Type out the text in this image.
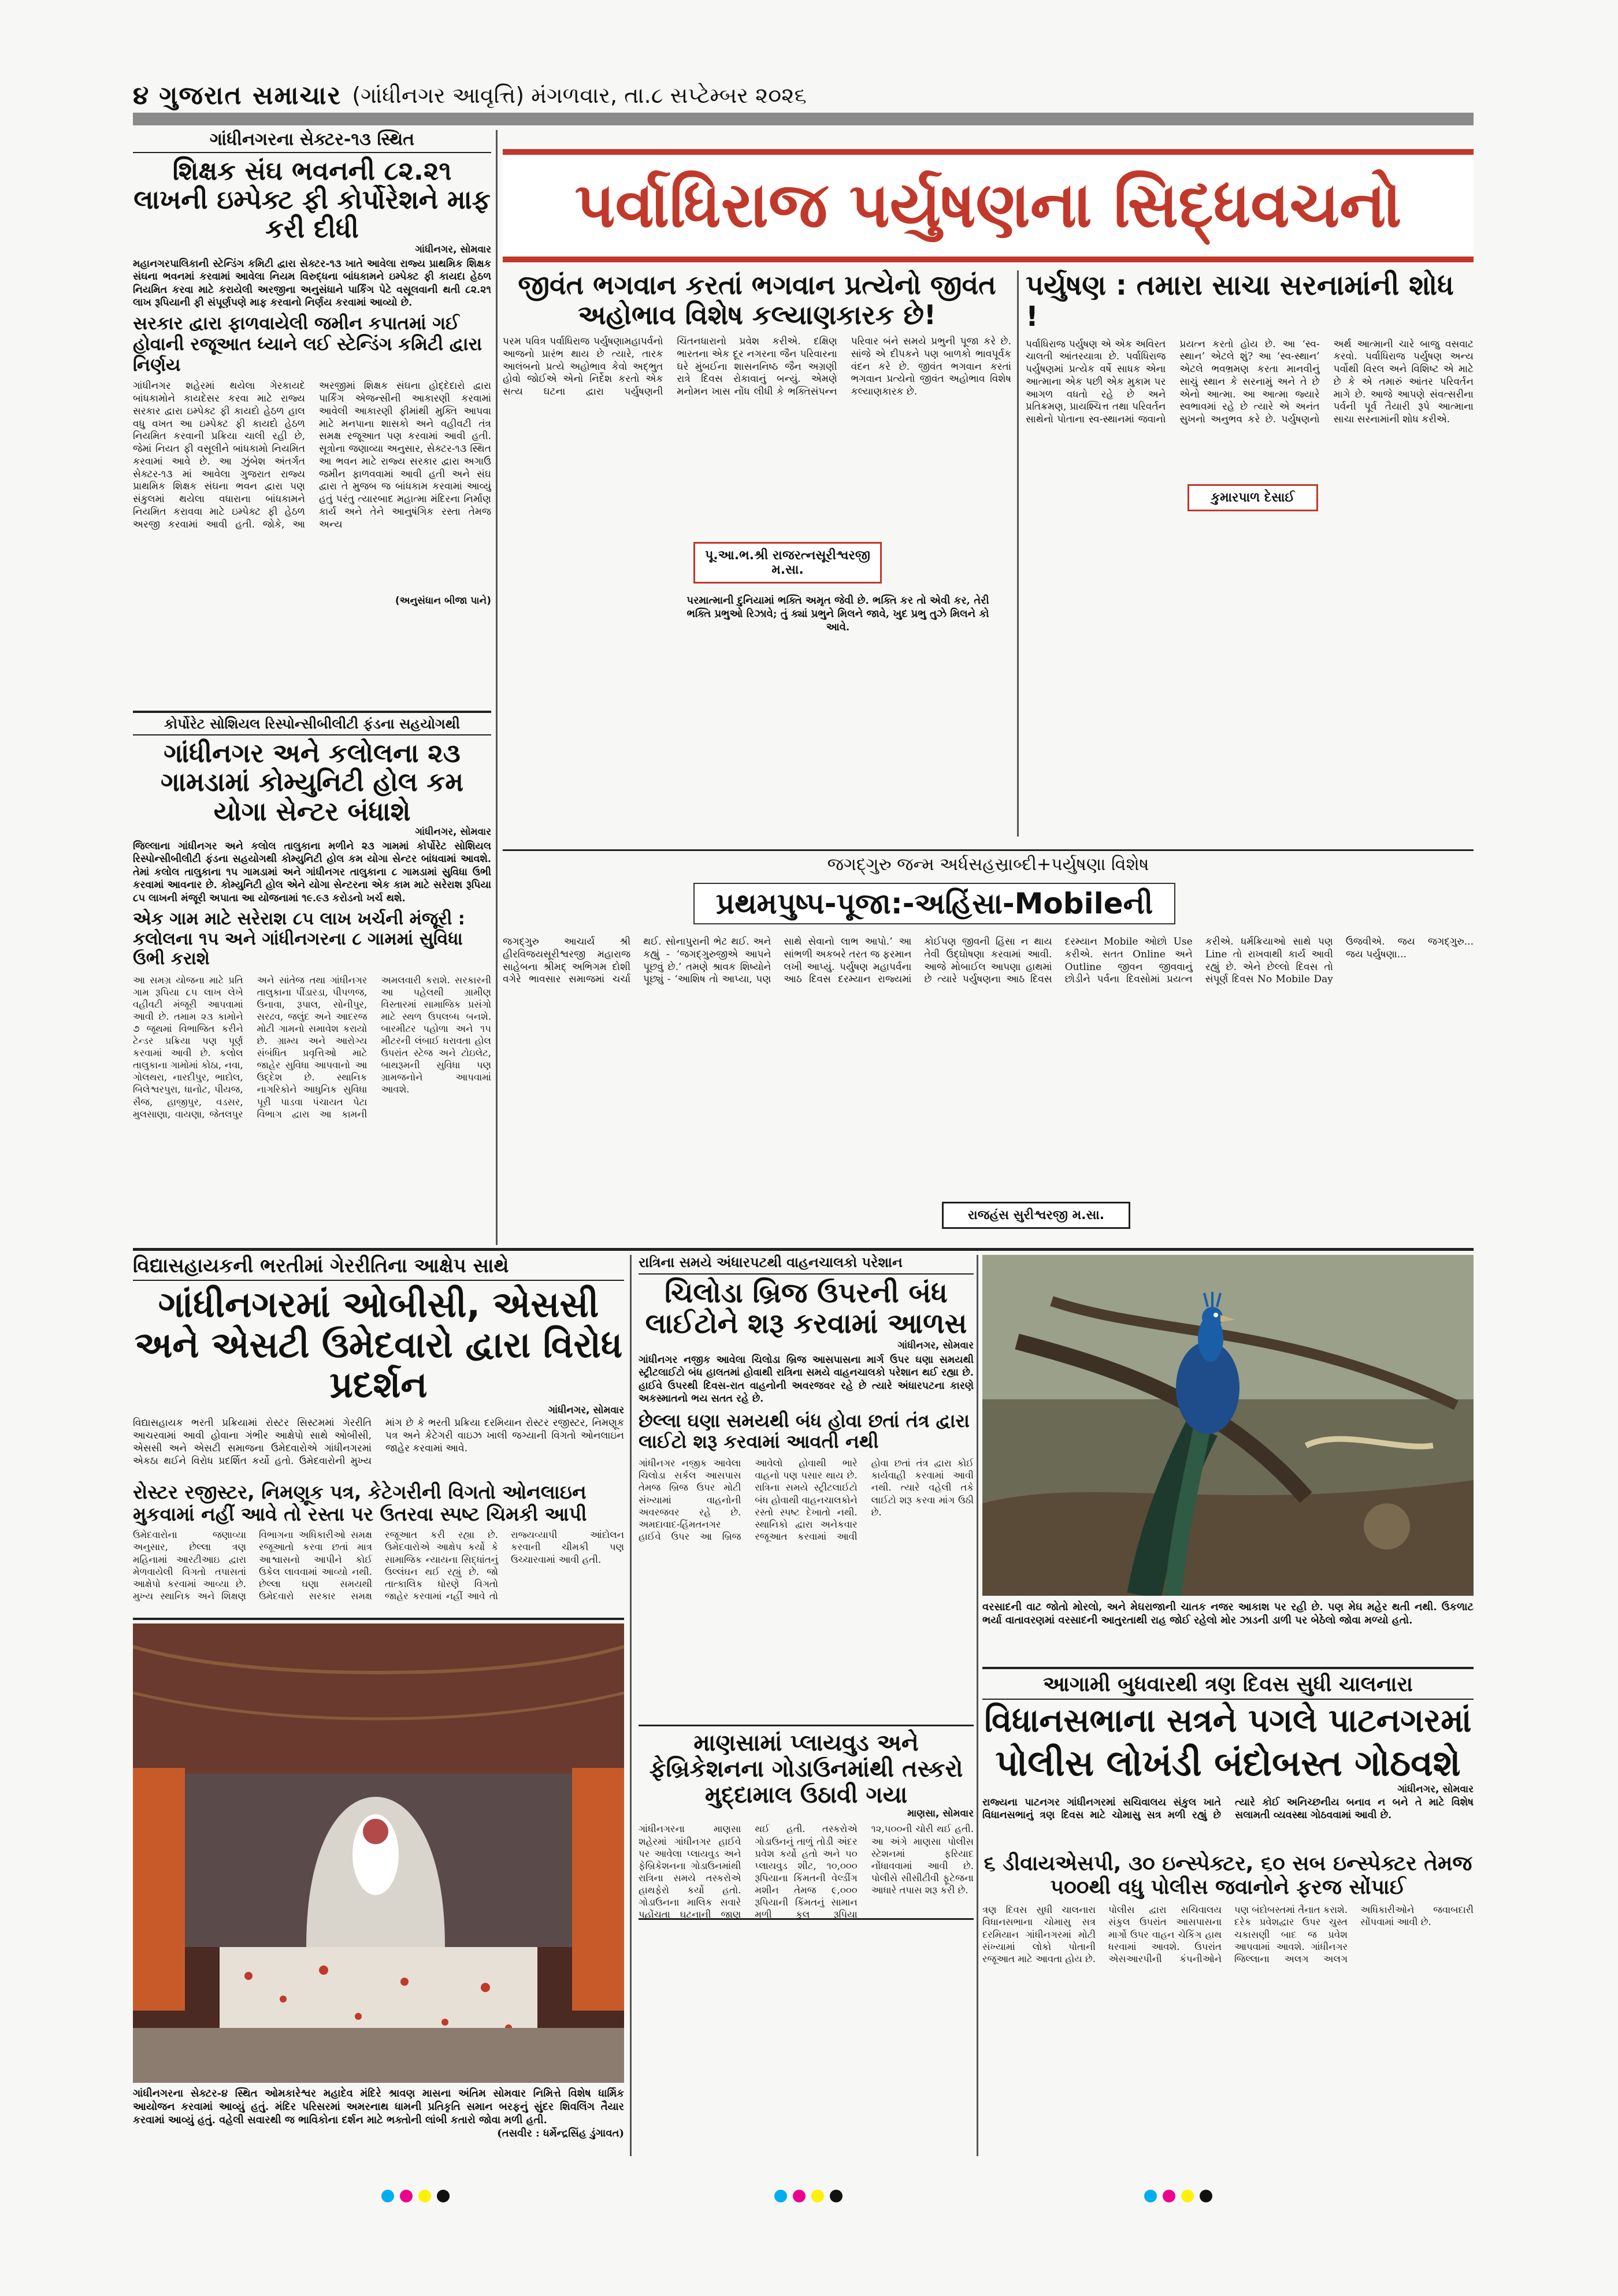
૪ ગુજરાત સમાચાર (ગાંધીનગર આવૃત્તિ) મંગળવાર, તા.૮ સપ્ટેમ્બર ૨૦૨૬
ગાંધીનગરના સેક્ટર-૧૩ સ્થિત
શિક્ષક સંઘ ભવનની ૮૨.૨૧ લાખની ઇમ્પેક્ટ ફી કોર્પોરેશને માફ કરી દીધી
ગાંધીનગર, સોમવાર
મહાનગરપાલિકાની સ્ટેન્ડિંગ કમિટી દ્વારા સેક્ટર-૧૩ ખાતે આવેલા રાજ્ય પ્રાથમિક શિક્ષક સંઘના ભવનમાં કરવામાં આવેલા નિયમ વિરુદ્ધના બાંધકામને ઇમ્પેક્ટ ફી કાયદા હેઠળ નિયમિત કરવા માટે કરાયેલી અરજીના અનુસંધાને પાર્કિંગ પેટે વસૂલવાની થતી ૮૨.૨૧ લાખ રૂપિયાની ફી સંપૂર્ણપણે માફ કરવાનો નિર્ણય કરવામાં આવ્યો છે.
સરકાર દ્વારા ફાળવાયેલી જમીન કપાતમાં ગઈ હોવાની રજૂઆત ધ્યાને લઈ સ્ટેન્ડિંગ કમિટી દ્વારા નિર્ણય
ગાંધીનગર શહેરમાં થયેલા ગેરકાયદે બાંધકામોને કાયદેસર કરવા માટે રાજ્ય સરકાર દ્વારા ઇમ્પેક્ટ ફી કાયદો હેઠળ હાલ વધુ વખત આ ઇમ્પેક્ટ ફી કાયદો હેઠળ નિયમિત કરવાની પ્રક્રિયા ચાલી રહી છે, જેમાં નિયત ફી વસૂલીને બાંધકામો નિયમિત કરવામાં આવે છે. આ ઝુંબેશ અંતર્ગત સેક્ટર-૧૩ માં આવેલા ગુજરાત રાજ્ય પ્રાથમિક શિક્ષક સંઘના ભવન દ્વારા પણ સંકુલમાં થયેલા વધારાના બાંધકામને નિયમિત કરાવવા માટે ઇમ્પેક્ટ ફી હેઠળ અરજી કરવામાં આવી હતી. જોકે, આ અરજીમાં શિક્ષક સંઘના હોદ્દેદારો દ્વારા પાર્કિંગ એજન્સીની આકારણી કરવામાં આવેલી આકારણી ફીમાંથી મુક્તિ આપવા માટે મનપાના શાસકો અને વહીવટી તંત્ર સમક્ષ રજૂઆત પણ કરવામાં આવી હતી. સૂત્રોના જણાવ્યા અનુસાર, સેક્ટર-૧૩ સ્થિત આ ભવન માટે રાજ્ય સરકાર દ્વારા અગાઉ જમીન ફાળવવામાં આવી હતી અને સંઘ દ્વારા તે મુજબ જ બાંધકામ કરવામાં આવ્યું હતું પરંતુ ત્યારબાદ મહાત્મા મંદિરના નિર્માણ કાર્ય અને તેને આનુષંગિક રસ્તા તેમજ અન્ય
(અનુસંધાન બીજા પાને)
કોર્પોરેટ સોશિયલ રિસ્પોન્સીબીલીટી ફંડના સહયોગથી
ગાંધીનગર અને કલોલના ૨૩ ગામડામાં કોમ્યુનિટી હોલ કમ યોગા સેન્ટર બંધાશે
ગાંધીનગર, સોમવાર
જિલ્લાના ગાંધીનગર અને કલોલ તાલુકાના મળીને ૨૩ ગામમાં કોર્પોરેટ સોશિયલ રિસ્પોન્સીબીલીટી ફંડના સહયોગથી કોમ્યુનિટી હોલ કમ યોગા સેન્ટર બાંધવામાં આવશે. તેમાં કલોલ તાલુકાના ૧૫ ગામડામાં અને ગાંધીનગર તાલુકાના ૮ ગામડામાં સુવિધા ઉભી કરવામાં આવનાર છે. કોમ્યુનિટી હોલ એને યોગા સેન્ટરના એક કામ માટે સરેરાશ રૂપિયા ૮૫ લાખની મંજૂરી અપાતા આ યોજનામાં ૧૯.૯૩ કરોડનો ખર્ચ થશે.
એક ગામ માટે સરેરાશ ૮૫ લાખ ખર્ચની મંજૂરી : કલોલના ૧૫ અને ગાંધીનગરના ૮ ગામમાં સુવિધા ઉભી કરાશે
આ સમગ્ર યોજના માટે પ્રતિ ગામ રૂપિયા ૮૫ લાખ લેખે વહીવટી મંજૂરી આપવામાં આવી છે. તમામ ૨૩ કામોને ૭ જૂથમાં વિભાજિત કરીને ટેન્ડર પ્રક્રિયા પણ પૂર્ણ કરવામાં આવી છે. કલોલ તાલુકાના ગામોમાં કોઠા, નવા, ગોલથરા, નારદીપુર, ભાદોલ, બિલેશ્વરપુરા, ધાનોટ, પીયજ, સૈજ, હાજીપુર, વડસર, મુલસાણા, વાયણા, જેતલપુર અને સાંતેજ તથા ગાંધીનગર તાલુકાના પીંડારડા, પીપળજ, ઉનાવા, રૂપાલ, સોનીપુર, સરઢવ, જલુંદ અને આદરજ મોટી ગામનો સમાવેશ કરાયો છે. ગ્રામ્ય અને આરોગ્ય સંબંધિત પ્રવૃત્તિઓ માટે જાહેર સુવિધા આપવાનો આ ઉદ્દેશ છે. સ્થાનિક નાગરિકોને આધુનિક સુવિધા પૂરી પાડવા પંચાયત પેટા વિભાગ દ્વારા આ કામની અમલવારી કરાશે. સરકારની આ પહેલથી ગ્રામીણ વિસ્તારમાં સામાજિક પ્રસંગો માટે સ્થળ ઉપલબ્ધ બનશે. બારમીટર પહોળા અને ૧૫ મીટરની લંબાઈ ધરાવતા હોલ ઉપરાંત સ્ટેજ અને ટોઇલેટ, બાથરૂમની સુવિધા પણ ગ્રામજનોને આપવામાં આવશે.
પર્વાધિરાજ પર્યુષણના સિદ્ધવચનો
જીવંત ભગવાન કરતાં ભગવાન પ્રત્યેનો જીવંત અહોભાવ વિશેષ કલ્યાણકારક છે!
પરમ પવિત્ર પર્વાધિરાજ પર્યુષણામહાપર્વનો આજનો પ્રારંભ થાય છે ત્યારે, તારક આલંબનો પ્રત્યે અહોભાવ કેવો અદ્ભુત હોવો જોઈએ એનો નિર્દેશ કરતો એક સત્ય ઘટના દ્વારા પર્યુષણની ચિંતનધારાનો પ્રવેશ કરીએ. દક્ષિણ ભારતના એક દૂર નગરના જૈન પરિવારના ઘરે મુંબઈના શાસનનિષ્ઠ જૈન અગ્રણી રાત્રે દિવસ રોકાવાનું બન્યું. એમણે મનોમન ખાસ નોંધ લીધી કે ભક્તિસંપન્ન પરિવાર બંને સમયે પ્રભુની પૂજા કરે છે. સાંજે એ દીપકને પણ બાળકો ભાવપૂર્વક વંદન કરે છે. જીવંત ભગવાન કરતાં ભગવાન પ્રત્યેનો જીવંત અહોભાવ વિશેષ કલ્યાણકારક છે.
પૂ.આ.ભ.શ્રી રાજરત્નસૂરીશ્વરજી મ.સા.
પરમાત્માની દુનિયામાં ભક્તિ અમૃત જેવી છે. ભક્તિ કર તો એવી કર, તેરી ભક્તિ પ્રભુઓ રિઝાવે; તું ક્યાં પ્રભુને મિલને જાવે, ખુદ પ્રભુ તુઝે મિલને કો આવે.
પર્યુષણ : તમારા સાચા સરનામાંની શોધ !
પર્વાધિરાજ પર્યુષણ એ એક અવિરત ચાલતી આંતરયાત્રા છે. પર્વાધિરાજ પર્યુષણમાં પ્રત્યેક વર્ષે સાધક એના આત્માના એક પછી એક મુકામ પર આગળ વધતો રહે છે અને પ્રતિક્રમણ, પ્રાયશ્ચિત્ત તથા પરિવર્તન સાથેનો પોતાના સ્વ-સ્થાનમાં જવાનો પ્રયત્ન કરતો હોય છે. આ ‘સ્વ-સ્થાન’ એટલે શું? આ ‘સ્વ-સ્થાન’ એટલે ભવભ્રમણ કરતા માનવીનું સાચું સ્થાન કે સરનામું અને તે છે એનો આત્મા. આ આત્મા જ્યારે સ્વભાવમાં રહે છે ત્યારે એ અનંત સુખનો અનુભવ કરે છે. પર્યુષણનો અર્થ આત્માની ચારે બાજુ વસવાટ કરવો. પર્વાધિરાજ પર્યુષણ અન્ય પર્વોથી વિરલ અને વિશિષ્ટ એ માટે છે કે એ તમારું આંતર પરિવર્તન માગે છે. આજે આપણે સંવત્સરીના પર્વની પૂર્વ તૈયારી રૂપે આત્માના સાચા સરનામાંની શોધ કરીએ.
કુમારપાળ દેસાઈ
જગદ્ગુરુ જન્મ અર્ધસહસ્રાબ્દી+પર્યુષણા વિશેષ
પ્રથમપુષ્પ-પૂજા:-અહિંસા-Mobileની
જગદ્ગુરુ આચાર્ય શ્રી હીરવિજયસૂરીશ્વરજી મહારાજ સાહેબના શ્રીમદ્ અભિગમ દોશી વગેરે ભાવસાર સમાજમાં ચર્ચા થઈ. સોનાપુરાની ભેટ થઈ. અને કહ્યું - ‘જગદ્ગુરુજીએ આપને પૂછવું છે.’ તમણે શ્રાવક શિષ્યોને પૂછ્યું - ‘આશિષ તો આપ્યા, પણ સાથે સેવાનો લાભ આપો.’ આ સાંભળી અકબરે તરત જ ફરમાન લખી આપ્યું. પર્યુષણ મહાપર્વના આઠ દિવસ દરમ્યાન રાજ્યમાં કોઈપણ જીવની હિંસા ન થાય તેવી ઉદ્ઘોષણા કરવામાં આવી. આજે મોબાઈલ આપણા હાથમાં છે ત્યારે પર્યુષણના આઠ દિવસ દરમ્યાન Mobile ઓછો Use કરીએ. સતત Online અને Outline જીવન જીવવાનું છોડીને પર્વના દિવસોમાં પ્રયત્ન કરીએ. ધર્મક્રિયાઓ સાથે પણ Line તો રાખવાથી કાર્ય આવી રહ્યું છે. એને છેલ્લો દિવસ તો સંપૂર્ણ દિવસ No Mobile Day ઉજવીએ. જય જગદ્ગુરુ... જય પર્યુષણા...
રાજહંસ સુરીશ્વરજી મ.સા.
વિદ્યાસહાયકની ભરતીમાં ગેરરીતિના આક્ષેપ સાથે
ગાંધીનગરમાં ઓબીસી, એસસી અને એસટી ઉમેદવારો દ્વારા વિરોધ પ્રદર્શન
ગાંધીનગર, સોમવાર
વિદ્યાસહાયક ભરતી પ્રક્રિયામાં રોસ્ટર સિસ્ટમમાં ગેરરીતિ આચરવામાં આવી હોવાના ગંભીર આક્ષેપો સાથે ઓબીસી, એસસી અને એસટી સમાજના ઉમેદવારોએ ગાંધીનગરમાં એકઠા થઈને વિરોધ પ્રદર્શિત કર્યો હતો. ઉમેદવારોની મુખ્ય માંગ છે કે ભરતી પ્રક્રિયા દરમિયાન રોસ્ટર રજીસ્ટર, નિમણૂક પત્ર અને કેટેગરી વાઇઝ ખાલી જગ્યાની વિગતો ઓનલાઇન જાહેર કરવામાં આવે.
રોસ્ટર રજીસ્ટર, નિમણૂક પત્ર, કેટેગરીની વિગતો ઓનલાઇન મુકવામાં નહીં આવે તો રસ્તા પર ઉતરવા સ્પષ્ટ ચિમકી આપી
ઉમેદવારોના જણાવ્યા અનુસાર, છેલ્લા ત્રણ મહિનામાં આરટીઆઇ દ્વારા મેળવાયેલી વિગતો તપાસતાં આક્ષેપો કરવામાં આવ્યા છે. મુખ્ય સ્થાનિક અને શિક્ષણ વિભાગના અધિકારીઓ સમક્ષ રજૂઆતો કરવા છતાં માત્ર આશ્વાસનો આપીને કોઈ ઉકેલ લાવવામાં આવ્યો નથી. છેલ્લા ઘણા સમયથી ઉમેદવારો સરકાર સમક્ષ રજૂઆત કરી રહ્યા છે. ઉમેદવારોએ આક્ષેપ કર્યો કે સામાજિક ન્યાયના સિદ્ધાંતનું ઉલ્લંઘન થઈ રહ્યું છે. જો તાત્કાલિક ધોરણે વિગતો જાહેર કરવામાં નહીં આવે તો રાજ્યવ્યાપી આંદોલન કરવાની ચીમકી પણ ઉચ્ચારવામાં આવી હતી.
રાત્રિના સમયે અંધારપટથી વાહનચાલકો પરેશાન
ચિલોડા બ્રિજ ઉપરની બંધ લાઈટોને શરૂ કરવામાં આળસ
ગાંધીનગર, સોમવાર
ગાંધીનગર નજીક આવેલા ચિલોડા બ્રિજ આસપાસના માર્ગ ઉપર ઘણા સમયથી સ્ટ્રીટલાઈટો બંધ હાલતમાં હોવાથી રાત્રિના સમયે વાહનચાલકો પરેશાન થઈ રહ્યા છે. હાઈવે ઉપરથી દિવસ-રાત વાહનોની અવરજવર રહે છે ત્યારે અંધારપટના કારણે અકસ્માતનો ભય સતત રહે છે.
છેલ્લા ઘણા સમયથી બંધ હોવા છતાં તંત્ર દ્વારા લાઈટો શરૂ કરવામાં આવતી નથી
ગાંધીનગર નજીક આવેલા ચિલોડા સર્કલ આસપાસ તેમજ બ્રિજ ઉપર મોટી સંખ્યામાં વાહનોની અવરજવર રહે છે. અમદાવાદ-હિંમતનગર હાઈવે ઉપર આ બ્રિજ આવેલો હોવાથી ભારે વાહનો પણ પસાર થાય છે. રાત્રિના સમયે સ્ટ્રીટલાઈટો બંધ હોવાથી વાહનચાલકોને રસ્તો સ્પષ્ટ દેખાતો નથી. સ્થાનિકો દ્વારા અનેકવાર રજૂઆત કરવામાં આવી હોવા છતાં તંત્ર દ્વારા કોઈ કાર્યવાહી કરવામાં આવી નથી. ત્યારે વહેલી તકે લાઈટો શરૂ કરવા માંગ ઉઠી છે.
વરસાદની વાટ જોતો મોરલો, અને મેઘરાજાની ચાતક નજર આકાશ પર રહી છે. પણ મેઘ મહેર થતી નથી. ઉકળાટ ભર્યા વાતાવરણમાં વરસાદની આતુરતાથી રાહ જોઈ રહેલો મોર ઝાડની ડાળી પર બેઠેલો જોવા મળ્યો હતો.
આગામી બુધવારથી ત્રણ દિવસ સુધી ચાલનારા
વિધાનસભાના સત્રને પગલે પાટનગરમાં
પોલીસ લોખંડી બંદોબસ્ત ગોઠવશે
ગાંધીનગર, સોમવાર
રાજ્યના પાટનગર ગાંધીનગરમાં સચિવાલય સંકુલ ખાતે વિધાનસભાનું ત્રણ દિવસ માટે ચોમાસુ સત્ર મળી રહ્યું છે ત્યારે કોઈ અનિચ્છનીય બનાવ ન બને તે માટે વિશેષ સલામતી વ્યવસ્થા ગોઠવવામાં આવી છે.
૬ ડીવાયએસપી, ૩૦ ઇન્સ્પેક્ટર, ૬૦ સબ ઇન્સ્પેક્ટર તેમજ ૫૦૦થી વધુ પોલીસ જવાનોને ફરજ સોંપાઈ
ત્રણ દિવસ સુધી ચાલનારા વિધાનસભાના ચોમાસુ સત્ર દરમિયાન ગાંધીનગરમાં મોટી સંખ્યામાં લોકો પોતાની રજૂઆત માટે આવતા હોય છે. પોલીસ દ્વારા સચિવાલય સંકુલ ઉપરાંત આસપાસના માર્ગો ઉપર વાહન ચેકિંગ હાથ ધરવામાં આવશે. ઉપરાંત એસઆરપીની કંપનીઓને પણ બંદોબસ્તમાં તૈનાત કરાશે. દરેક પ્રવેશદ્વાર ઉપર ચુસ્ત ચકાસણી બાદ જ પ્રવેશ આપવામાં આવશે. ગાંધીનગર જિલ્લાના અલગ અલગ અધિકારીઓને જવાબદારી સોંપવામાં આવી છે.
માણસામાં પ્લાયવુડ અને ફેબ્રિકેશનના ગોડાઉનમાંથી તસ્કરો મુદ્દામાલ ઉઠાવી ગયા
માણસા, સોમવાર
ગાંધીનગરના માણસા શહેરમાં ગાંધીનગર હાઈવે પર આવેલા પ્લાયવુડ અને ફેબ્રિકેશનના ગોડાઉનમાંથી રાત્રિના સમયે તસ્કરોએ હાથફેરો કર્યો હતો. ગોડાઉનના માલિક સવારે પહોંચતા ઘટનાની જાણ થઈ હતી. તસ્કરોએ ગોડાઉનનું તાળું તોડી અંદર પ્રવેશ કર્યો હતો અને ૫૦ પ્લાયવુડ શીટ, ૧૦,૦૦૦ રૂપિયાના કિંમતની વેલ્ડીંગ મશીન તેમજ ૯,૦૦૦ રૂપિયાની કિંમતનું સામાન મળી કુલ રૂપિયા ૧૨,૫૦૦ની ચોરી થઈ હતી. આ અંગે માણસા પોલીસ સ્ટેશનમાં ફરિયાદ નોંધાવવામાં આવી છે. પોલીસે સીસીટીવી ફૂટેજના આધારે તપાસ શરૂ કરી છે.
ગાંધીનગરના સેક્ટર-૪ સ્થિત ઓમકારેશ્વર મહાદેવ મંદિરે શ્રાવણ માસના અંતિમ સોમવાર નિમિત્તે વિશેષ ધાર્મિક આયોજન કરવામાં આવ્યું હતું. મંદિર પરિસરમાં અમરનાથ ધામની પ્રતિકૃતિ સમાન બરફનું સુંદર શિવલિંગ તૈયાર કરવામાં આવ્યું હતું. વહેલી સવારથી જ ભાવિકોના દર્શન માટે ભક્તોની લાંબી કતારો જોવા મળી હતી.
(તસવીર : ધર્મેન્દ્રસિંહ ડુંગાવત)
